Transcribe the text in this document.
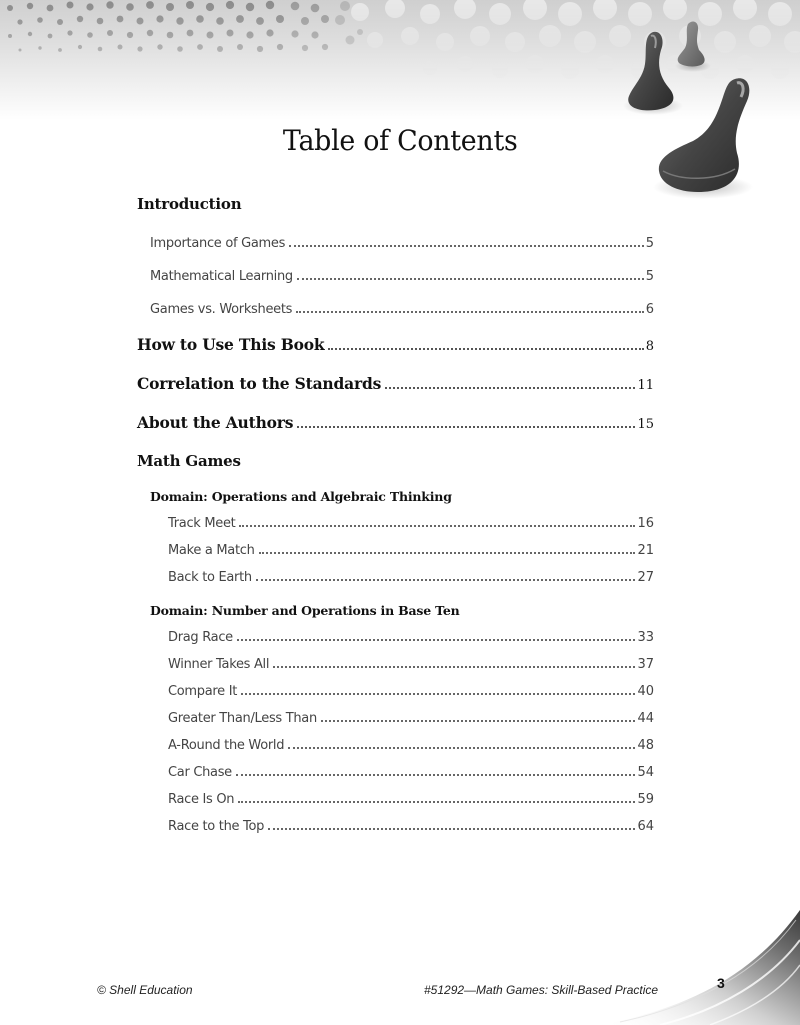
Table of Contents
Introduction
Importance of Games	5
Mathematical Learning	5
Games vs. Worksheets	6
How to Use This Book	8
Correlation to the Standards	11
About the Authors	15
Math Games
Domain: Operations and Algebraic Thinking
Track Meet	16
Make a Match	21
Back to Earth	27
Domain: Number and Operations in Base Ten
Drag Race	33
Winner Takes All	37
Compare It	40
Greater Than/Less Than	44
A-Round the World	48
Car Chase	54
Race Is On	59
Race to the Top	64
© Shell Education	#51292—Math Games: Skill-Based Practice	3
